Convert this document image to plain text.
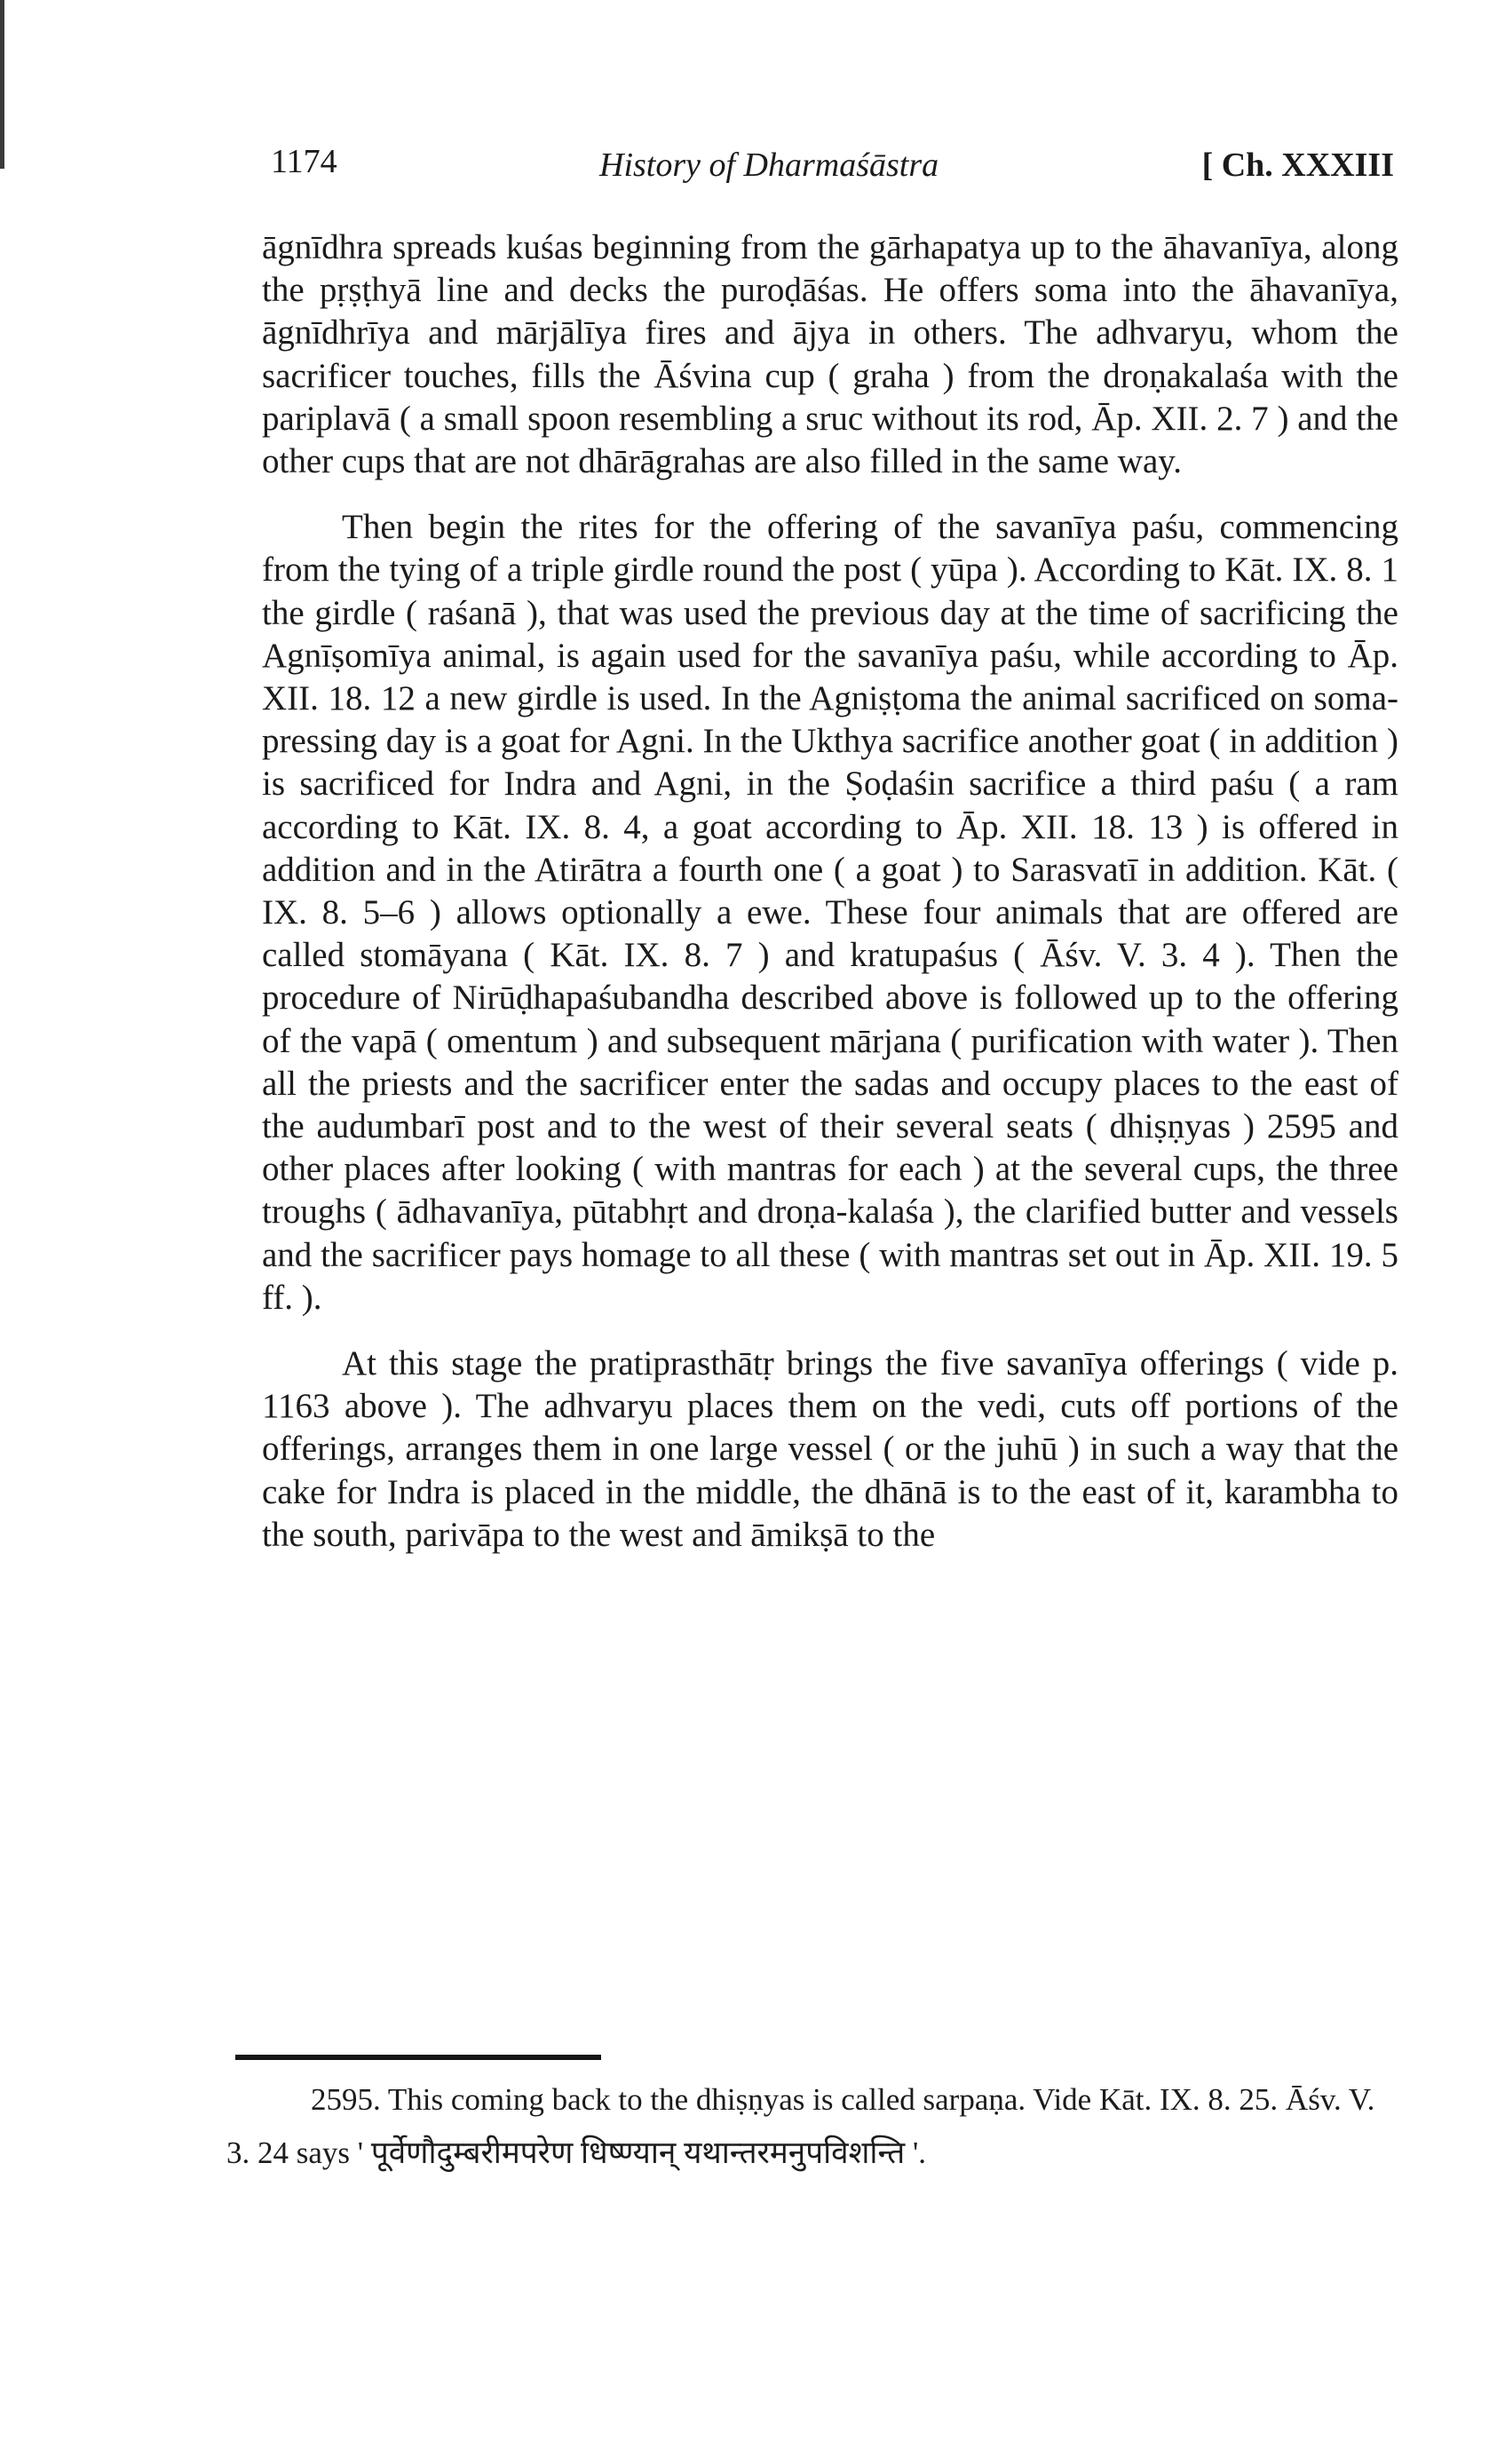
1174	History of Dharmaśāstra	[ Ch. XXXIII

āgnīdhra spreads kuśas beginning from the gārhapatya up to the āhavanīya, along the pṛṣṭhyā line and decks the puroḍāśas. He offers soma into the āhavanīya, āgnīdhrīya and mārjālīya fires and ājya in others. The adhvaryu, whom the sacrificer touches, fills the Āśvina cup ( graha ) from the droṇakalaśa with the pariplavā ( a small spoon resembling a sruc without its rod, Āp. XII. 2. 7 ) and the other cups that are not dhārāgrahas are also filled in the same way.

Then begin the rites for the offering of the savanīya paśu, commencing from the tying of a triple girdle round the post ( yūpa ). According to Kāt. IX. 8. 1 the girdle ( raśanā ), that was used the previous day at the time of sacrificing the Agnīṣomīya animal, is again used for the savanīya paśu, while according to Āp. XII. 18. 12 a new girdle is used. In the Agniṣṭoma the animal sacrificed on soma-pressing day is a goat for Agni. In the Ukthya sacrifice another goat ( in addition ) is sacrificed for Indra and Agni, in the Ṣoḍaśin sacrifice a third paśu ( a ram according to Kāt. IX. 8. 4, a goat according to Āp. XII. 18. 13 ) is offered in addition and in the Atirātra a fourth one ( a goat ) to Sarasvatī in addition. Kāt. ( IX. 8. 5–6 ) allows optionally a ewe. These four animals that are offered are called stomāyana ( Kāt. IX. 8. 7 ) and kratupaśus ( Āśv. V. 3. 4 ). Then the procedure of Nirūḍhapaśubandha described above is followed up to the offering of the vapā ( omentum ) and subsequent mārjana ( purification with water ). Then all the priests and the sacrificer enter the sadas and occupy places to the east of the audumbarī post and to the west of their several seats ( dhiṣṇyas ) 2595 and other places after looking ( with mantras for each ) at the several cups, the three troughs ( ādhavanīya, pūtabhṛt and droṇa-kalaśa ), the clarified butter and vessels and the sacrificer pays homage to all these ( with mantras set out in Āp. XII. 19. 5 ff. ).

At this stage the pratiprasthātṛ brings the five savanīya offerings ( vide p. 1163 above ). The adhvaryu places them on the vedi, cuts off portions of the offerings, arranges them in one large vessel ( or the juhū ) in such a way that the cake for Indra is placed in the middle, the dhānā is to the east of it, karambha to the south, parivāpa to the west and āmikṣā to the

2595. This coming back to the dhiṣṇyas is called sarpaṇa. Vide Kāt. IX. 8. 25. Āśv. V. 3. 24 says ' पूर्वेणौदुम्बरीमपरेण धिष्ण्यान् यथान्तरमनुपविशन्ति '.
